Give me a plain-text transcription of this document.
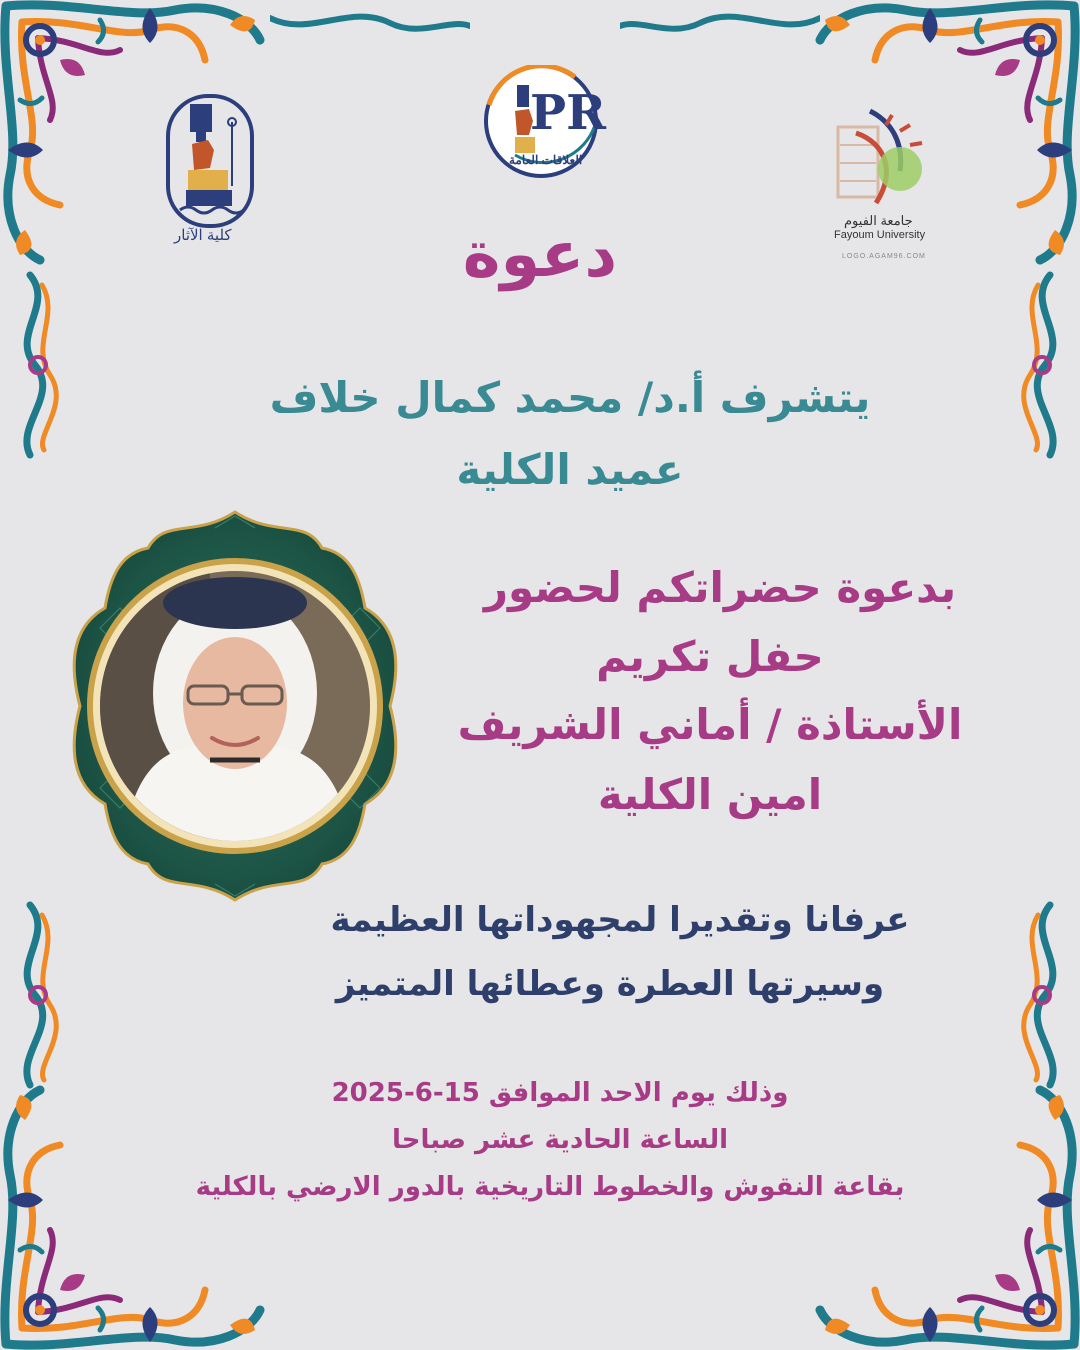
كلية الآثار
PR
العلاقات العامة
جامعة الفيوم
Fayoum University
LOGO.AGAM96.COM
دعوة
يتشرف أ.د/ محمد كمال خلاف
عميد الكلية
بدعوة حضراتكم لحضور
حفل تكريم
الأستاذة / أماني الشريف
امين الكلية
عرفانا وتقديرا لمجهوداتها العظيمة
وسيرتها العطرة وعطائها المتميز
وذلك يوم الاحد الموافق 15-6-2025
الساعة الحادية عشر صباحا
بقاعة النقوش والخطوط التاريخية بالدور الارضي بالكلية
